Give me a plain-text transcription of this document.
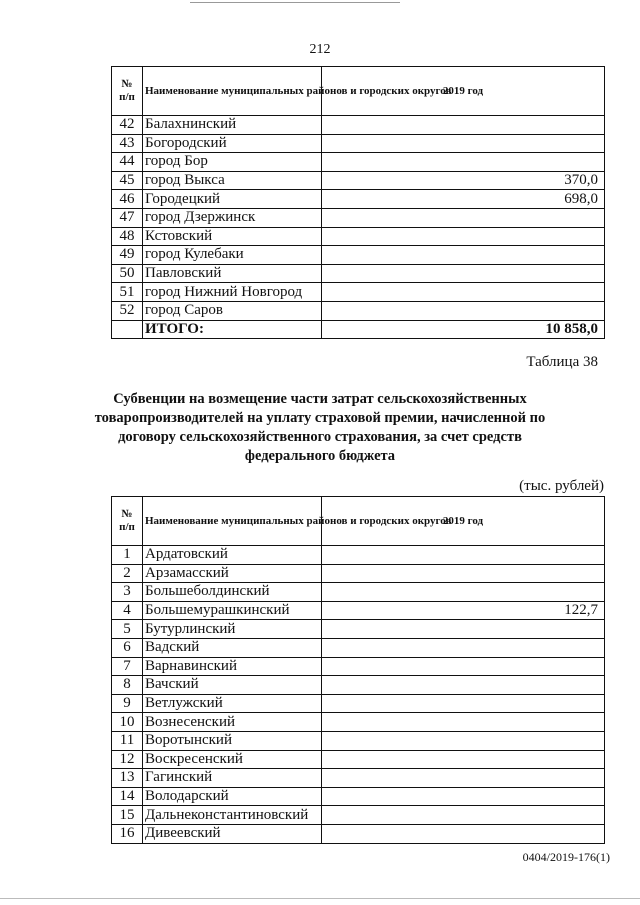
212
№
п/п	Наименование муниципальных районов и городских округов	2019 год
42	Балахнинский	
43	Богородский	
44	город Бор	
45	город Выкса	370,0
46	Городецкий	698,0
47	город Дзержинск	
48	Кстовский	
49	город Кулебаки	
50	Павловский	
51	город Нижний Новгород	
52	город Саров	
	ИТОГО:	10 858,0
Таблица 38
Субвенции на возмещение части затрат сельскохозяйственных товаропроизводителей на уплату страховой премии, начисленной по договору сельскохозяйственного страхования, за счет средств федерального бюджета
(тыс. рублей)
№
п/п	Наименование муниципальных районов и городских округов	2019 год
1	Ардатовский	
2	Арзамасский	
3	Большеболдинский	
4	Большемурашкинский	122,7
5	Бутурлинский	
6	Вадский	
7	Варнавинский	
8	Вачский	
9	Ветлужский	
10	Вознесенский	
11	Воротынский	
12	Воскресенский	
13	Гагинский	
14	Володарский	
15	Дальнеконстантиновский	
16	Дивеевский	
0404/2019-176(1)
